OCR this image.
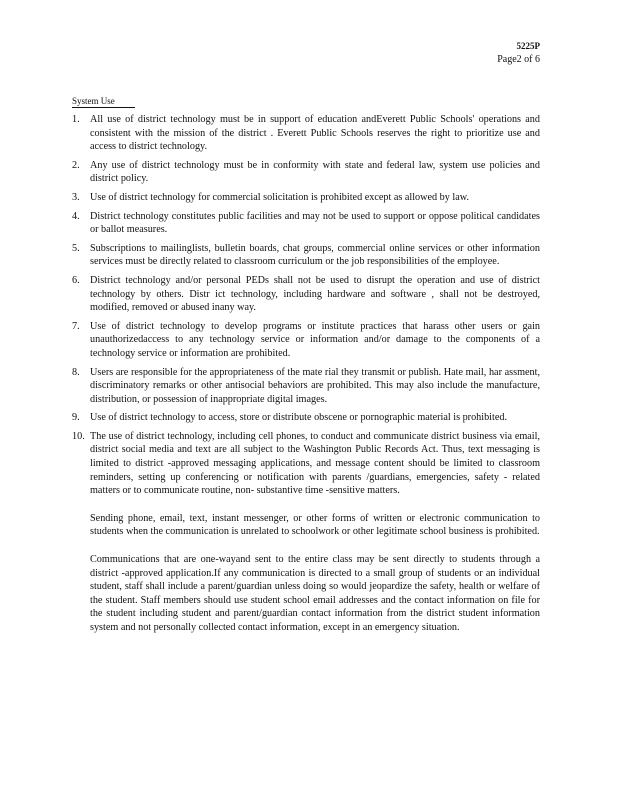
5225P
Page2 of 6
System Use
1.	All use of district technology must be in support of education andEverett Public Schools' operations and consistent with the mission of the district . Everett Public Schools reserves the right to prioritize use and access to district technology.

2.	Any use of district technology must be in conformity with state and federal law, system use policies and district policy.

3.	Use of district technology for commercial solicitation is prohibited except as allowed by law.

4.	District technology constitutes public facilities and may not be used to support or oppose political candidates or ballot measures.

5.	Subscriptions to mailinglists, bulletin boards, chat groups, commercial online services or other information services must be directly related to classroom curriculum or the job responsibilities of the employee.

6.	District technology and/or personal PEDs shall not be used to disrupt the operation and use of district technology by others. Distr ict technology, including hardware and software , shall not be destroyed, modified, removed or abused inany way.

7.	Use of district technology to develop programs or institute practices that harass other users or gain unauthorizedaccess to any technology service or information and/or damage to the components of a technology service or information are prohibited.

8.	Users are responsible for the appropriateness of the mate rial they transmit or publish. Hate mail, har assment, discriminatory remarks or other antisocial behaviors are prohibited. This may also include the manufacture, distribution, or possession of inappropriate digital images.

9.	Use of district technology to access, store or distribute obscene or pornographic material is prohibited.

10. The use of district technology, including cell phones, to conduct and communicate district business via email, district social media and text are all subject to the Washington Public Records Act. Thus, text messaging is limited to district -approved messaging applications, and message content should be limited to classroom reminders, setting up conferencing or notification with parents /guardians, emergencies, safety - related matters or to communicate routine, non- substantive time -sensitive matters.

Sending phone, email, text, instant messenger, or other forms of written or electronic communication to students when the communication is unrelated to schoolwork or other legitimate school business is prohibited.

Communications that are one-wayand sent to the entire class may be sent directly to students through a district -approved application.If any communication is directed to a small group of students or an individual student, staff shall include a parent/guardian unless doing so would jeopardize the safety, health or welfare of the student. Staff members should use student school email addresses and the contact information on file for the student including student and parent/guardian contact information from the district student information system and not personally collected contact information, except in an emergency situation.
